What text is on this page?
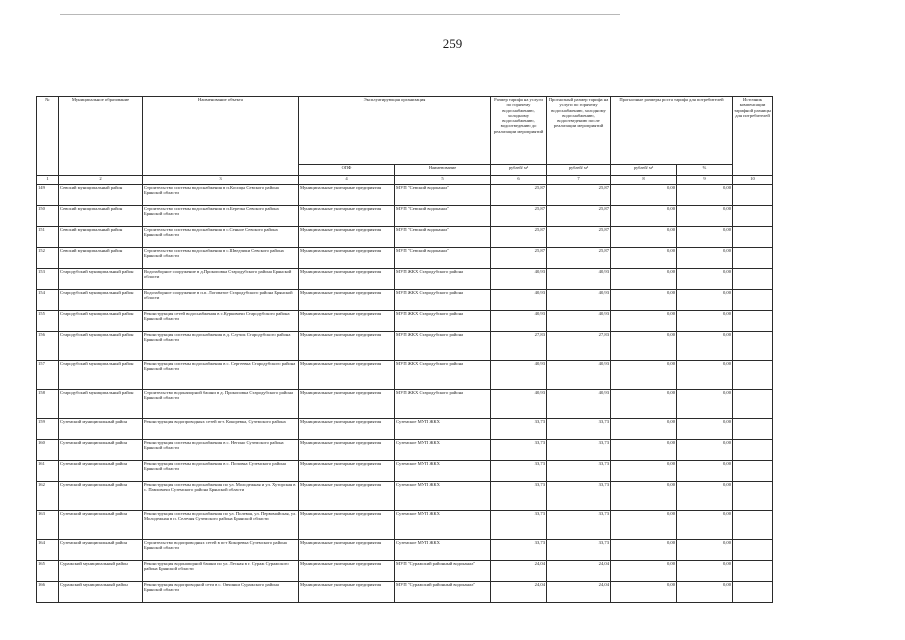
259
№	Муниципальное образование	Наименование объекта	Эксплуатирующая организация		Размер тарифа на услуги по горячему водоснабжению, холодному водоснабжению, водоотведению до реализации мероприятий	Прогнозный размер тарифа на услуги по горячему водоснабжению, холодному водоснабжению, водоотведению после реализации мероприятий	Прогнозные размеры роста тарифа для потребителей		Источник компенсации тарифной разницы для потребителей
			ОПФ	Наименование	рублей/ м³	рублей/ м³	рублей/ м³	%	
1	2	3	4	5	6	7	8	9	10
149	Севский муниципальный район	Строительство системы водоснабжения в п.Косицы Севского района Брянской области	Муниципальные унитарные предприятия	МУП "Севский водоканал"	25,87	25,87	0,00	0,00	
150	Севский муниципальный район	Строительство системы водоснабжения в п.Березка Севского района Брянской области	Муниципальные унитарные предприятия	МУП "Севский водоканал"	25,87	25,87	0,00	0,00	
151	Севский муниципальный район	Строительство системы водоснабжения в с.Сенное Севского района Брянской области	Муниципальные унитарные предприятия	МУП "Севский водоканал"	25,87	25,87	0,00	0,00	
152	Севский муниципальный район	Строительство системы водоснабжения в с.Шведчики Севского района Брянской области	Муниципальные унитарные предприятия	МУП "Севский водоканал"	25,87	25,87	0,00	0,00	
153	Стародубский муниципальный район	Водозаборное сооружение в д.Прокоповка Стародубского района Брянской области	Муниципальные унитарные предприятия	МУП ЖКХ Стародубского района	40,93	40,93	0,00	0,00	
154	Стародубский муниципальный район	Водозаборное сооружение в п.п. Логоватое Стародубского района Брянской области	Муниципальные унитарные предприятия	МУП ЖКХ Стародубского района	40,93	40,93	0,00	0,00	
155	Стародубский муниципальный район	Реконструкция сетей водоснабжения в с.Курковичи Стародубского района Брянской области	Муниципальные унитарные предприятия	МУП ЖКХ Стародубского района	40,93	40,93	0,00	0,00	
156	Стародубский муниципальный район	Реконструкция системы водоснабжения в д. Случок Стародубского района Брянской области	Муниципальные унитарные предприятия	МУП ЖКХ Стародубского района	27,83	27,83	0,00	0,00	
157	Стародубский муниципальный район	Реконструкция системы водоснабжения в с. Сергеевка Стародубского района Брянской области	Муниципальные унитарные предприятия	МУП ЖКХ Стародубского района	40,93	40,93	0,00	0,00	
158	Стародубский муниципальный район	Строительство водонапорной башни в д. Прокоповка Стародубского района Брянской области	Муниципальные унитарные предприятия	МУП ЖКХ Стародубского района	40,93	40,93	0,00	0,00	
159	Суземский муниципальный район	Реконструкция водопроводных сетей пгт. Кокоревка, Суземского района	Муниципальные унитарные предприятия	Суземское МУП ЖКХ	33,73	33,73	0,00	0,00	
160	Суземский муниципальный район	Реконструкция системы водоснабжения в с. Негино Суземского района Брянской области	Муниципальные унитарные предприятия	Суземское МУП ЖКХ	33,73	33,73	0,00	0,00	
161	Суземский муниципальный район	Реконструкция системы водоснабжения в с. Поповка Суземского района Брянской области	Муниципальные унитарные предприятия	Суземское МУП ЖКХ	33,73	33,73	0,00	0,00	
162	Суземский муниципальный район	Реконструкция системы водоснабжения по ул. Молодежная и ул. Хуторская в с. Павловичи Суземского района Брянской области	Муниципальные унитарные предприятия	Суземское МУП ЖКХ	33,73	33,73	0,00	0,00	
163	Суземский муниципальный район	Реконструкция системы водоснабжения по ул. Полевая, ул. Первомайская, ул. Молодежная в п. Селечня Суземского района Брянской области	Муниципальные унитарные предприятия	Суземское МУП ЖКХ	33,73	33,73	0,00	0,00	
164	Суземский муниципальный район	Строительство водопроводных сетей в пгт Кокоревка Суземского района Брянской области	Муниципальные унитарные предприятия	Суземское МУП ЖКХ	33,73	33,73	0,00	0,00	
165	Суражский муниципальный район	Реконструкция водонапорной башни по ул. Лесная в г. Сураж Суражского района Брянской области	Муниципальные унитарные предприятия	МУП "Суражский районный водоканал"	24,04	24,04	0,00	0,00	
166	Суражский муниципальный район	Реконструкция водопроводной сети в с. Овчинки Суражского района Брянской области	Муниципальные унитарные предприятия	МУП "Суражский районный водоканал"	24,04	24,04	0,00	0,00	
